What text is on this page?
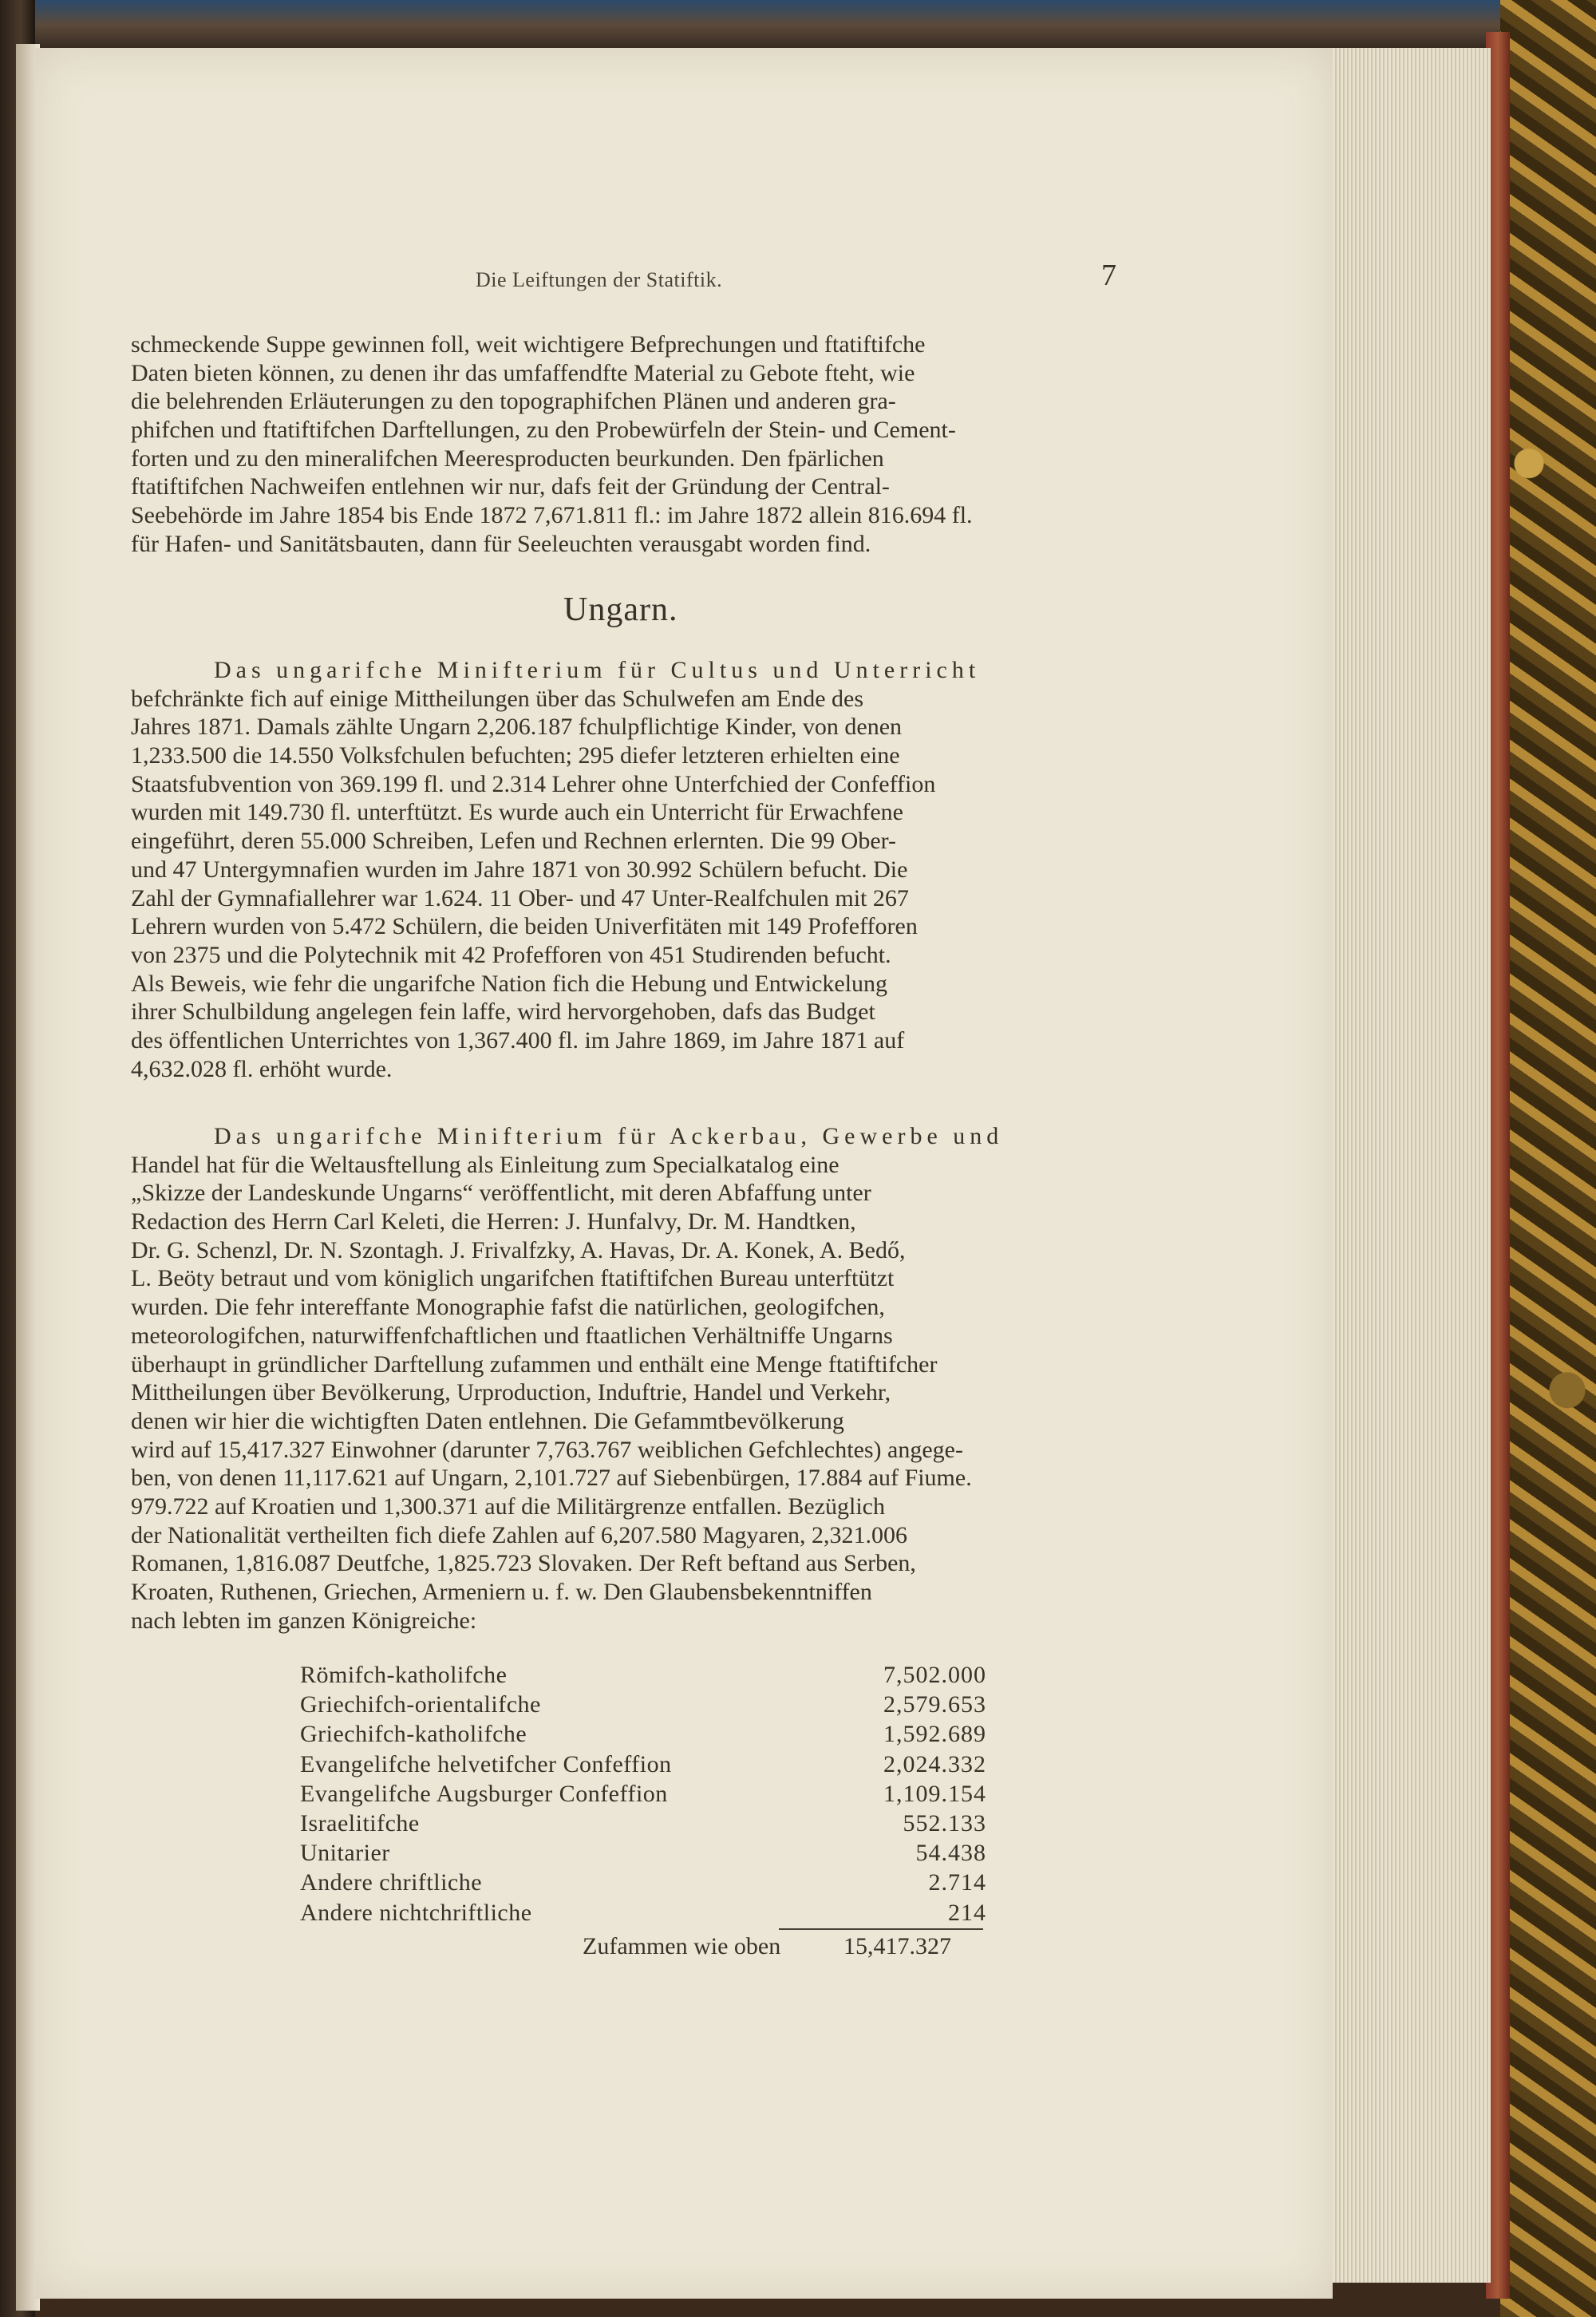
Die Leiftungen der Statiftik.	7
schmeckende Suppe gewinnen foll, weit wichtigere Befprechungen und ftatiftifche
Daten bieten können, zu denen ihr das umfaffendfte Material zu Gebote fteht, wie
die belehrenden Erläuterungen zu den topographifchen Plänen und anderen gra-
phifchen und ftatiftifchen Darftellungen, zu den Probewürfeln der Stein- und Cement-
forten und zu den mineralifchen Meeresproducten beurkunden. Den fpärlichen
ftatiftifchen Nachweifen entlehnen wir nur, dafs feit der Gründung der Central-
Seebehörde im Jahre 1854 bis Ende 1872 7,671.811 fl.: im Jahre 1872 allein 816.694 fl.
für Hafen- und Sanitätsbauten, dann für Seeleuchten verausgabt worden find.
Ungarn.
Das ungarifche Minifterium für Cultus und Unterricht
befchränkte fich auf einige Mittheilungen über das Schulwefen am Ende des
Jahres 1871. Damals zählte Ungarn 2,206.187 fchulpflichtige Kinder, von denen
1,233.500 die 14.550 Volksfchulen befuchten; 295 diefer letzteren erhielten eine
Staatsfubvention von 369.199 fl. und 2.314 Lehrer ohne Unterfchied der Confeffion
wurden mit 149.730 fl. unterftützt. Es wurde auch ein Unterricht für Erwachfene
eingeführt, deren 55.000 Schreiben, Lefen und Rechnen erlernten. Die 99 Ober-
und 47 Untergymnafien wurden im Jahre 1871 von 30.992 Schülern befucht. Die
Zahl der Gymnafiallehrer war 1.624. 11 Ober- und 47 Unter-Realfchulen mit 267
Lehrern wurden von 5.472 Schülern, die beiden Univerfitäten mit 149 Profefforen
von 2375 und die Polytechnik mit 42 Profefforen von 451 Studirenden befucht.
Als Beweis, wie fehr die ungarifche Nation fich die Hebung und Entwickelung
ihrer Schulbildung angelegen fein laffe, wird hervorgehoben, dafs das Budget
des öffentlichen Unterrichtes von 1,367.400 fl. im Jahre 1869, im Jahre 1871 auf
4,632.028 fl. erhöht wurde.
Das ungarifche Minifterium für Ackerbau, Gewerbe und
Handel hat für die Weltausftellung als Einleitung zum Specialkatalog eine
„Skizze der Landeskunde Ungarns“ veröffentlicht, mit deren Abfaffung unter
Redaction des Herrn Carl Keleti, die Herren: J. Hunfalvy, Dr. M. Handtken,
Dr. G. Schenzl, Dr. N. Szontagh. J. Frivalfzky, A. Havas, Dr. A. Konek, A. Bedő,
L. Beöty betraut und vom königlich ungarifchen ftatiftifchen Bureau unterftützt
wurden. Die fehr intereffante Monographie fafst die natürlichen, geologifchen,
meteorologifchen, naturwiffenfchaftlichen und ftaatlichen Verhältniffe Ungarns
überhaupt in gründlicher Darftellung zufammen und enthält eine Menge ftatiftifcher
Mittheilungen über Bevölkerung, Urproduction, Induftrie, Handel und Verkehr,
denen wir hier die wichtigften Daten entlehnen. Die Gefammtbevölkerung
wird auf 15,417.327 Einwohner (darunter 7,763.767 weiblichen Gefchlechtes) angege-
ben, von denen 11,117.621 auf Ungarn, 2,101.727 auf Siebenbürgen, 17.884 auf Fiume.
979.722 auf Kroatien und 1,300.371 auf die Militärgrenze entfallen. Bezüglich
der Nationalität vertheilten fich diefe Zahlen auf 6,207.580 Magyaren, 2,321.006
Romanen, 1,816.087 Deutfche, 1,825.723 Slovaken. Der Reft beftand aus Serben,
Kroaten, Ruthenen, Griechen, Armeniern u. f. w. Den Glaubensbekenntniffen
nach lebten im ganzen Königreiche:
Römifch-katholifche	7,502.000
Griechifch-orientalifche	2,579.653
Griechifch-katholifche	1,592.689
Evangelifche helvetifcher Confeffion	2,024.332
Evangelifche Augsburger Confeffion	1,109.154
Israelitifche	552.133
Unitarier	54.438
Andere chriftliche	2.714
Andere nichtchriftliche	214
Zufammen wie oben	15,417.327
